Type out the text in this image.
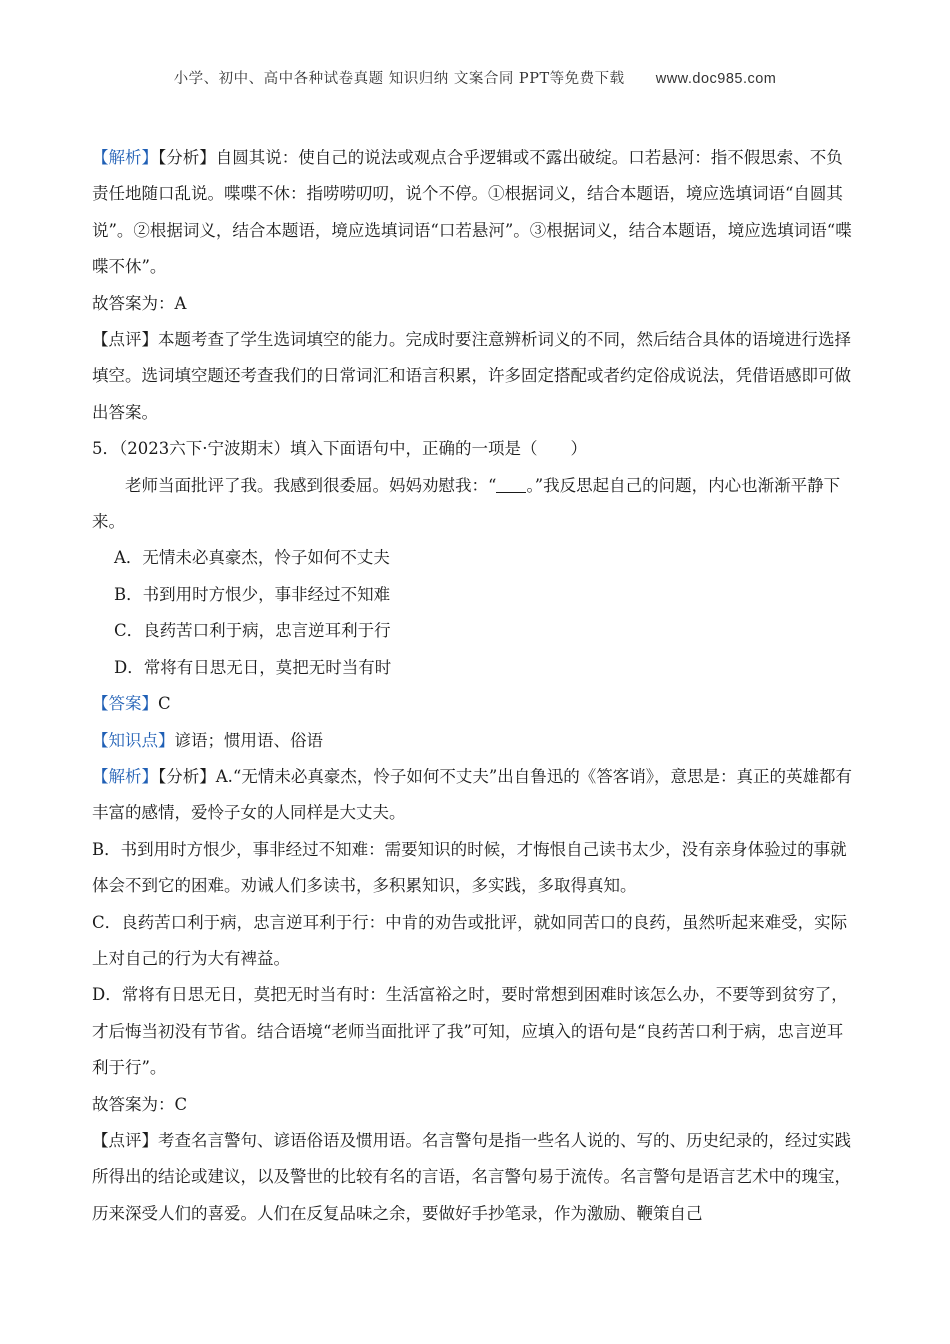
小学、初中、高中各种试卷真题 知识归纳 文案合同 PPT等免费下载 www.doc985.com

【解析】【分析】自圆其说：使自己的说法或观点合乎逻辑或不露出破绽。口若悬河：指不假思索、不负责任地随口乱说。喋喋不休：指唠唠叨叨，说个不停。①根据词义，结合本题语，境应选填词语“自圆其说”。②根据词义，结合本题语，境应选填词语“口若悬河”。③根据词义，结合本题语，境应选填词语“喋喋不休”。

故答案为：A

【点评】本题考查了学生选词填空的能力。完成时要注意辨析词义的不同，然后结合具体的语境进行选择填空。选词填空题还考查我们的日常词汇和语言积累，许多固定搭配或者约定俗成说法，凭借语感即可做出答案。

5．（2023六下·宁波期末）填入下面语句中，正确的一项是（　　）

老师当面批评了我。我感到很委屈。妈妈劝慰我：“ 。”我反思起自己的问题，内心也渐渐平静下来。

A．无情未必真豪杰，怜子如何不丈夫

B．书到用时方恨少，事非经过不知难

C．良药苦口利于病，忠言逆耳利于行

D．常将有日思无日，莫把无时当有时

【答案】C

【知识点】谚语；惯用语、俗语

【解析】【分析】A.“无情未必真豪杰，怜子如何不丈夫”出自鲁迅的《答客诮》，意思是：真正的英雄都有丰富的感情，爱怜子女的人同样是大丈夫。

B．书到用时方恨少，事非经过不知难：需要知识的时候，才悔恨自己读书太少，没有亲身体验过的事就体会不到它的困难。劝诫人们多读书，多积累知识，多实践，多取得真知。

C．良药苦口利于病，忠言逆耳利于行：中肯的劝告或批评，就如同苦口的良药，虽然听起来难受，实际上对自己的行为大有裨益。

D．常将有日思无日，莫把无时当有时：生活富裕之时，要时常想到困难时该怎么办，不要等到贫穷了，才后悔当初没有节省。结合语境“老师当面批评了我”可知，应填入的语句是“良药苦口利于病，忠言逆耳利于行”。

故答案为：C

【点评】考查名言警句、谚语俗语及惯用语。名言警句是指一些名人说的、写的、历史纪录的，经过实践所得出的结论或建议，以及警世的比较有名的言语，名言警句易于流传。名言警句是语言艺术中的瑰宝，历来深受人们的喜爱。人们在反复品味之余，要做好手抄笔录，作为激励、鞭策自己
